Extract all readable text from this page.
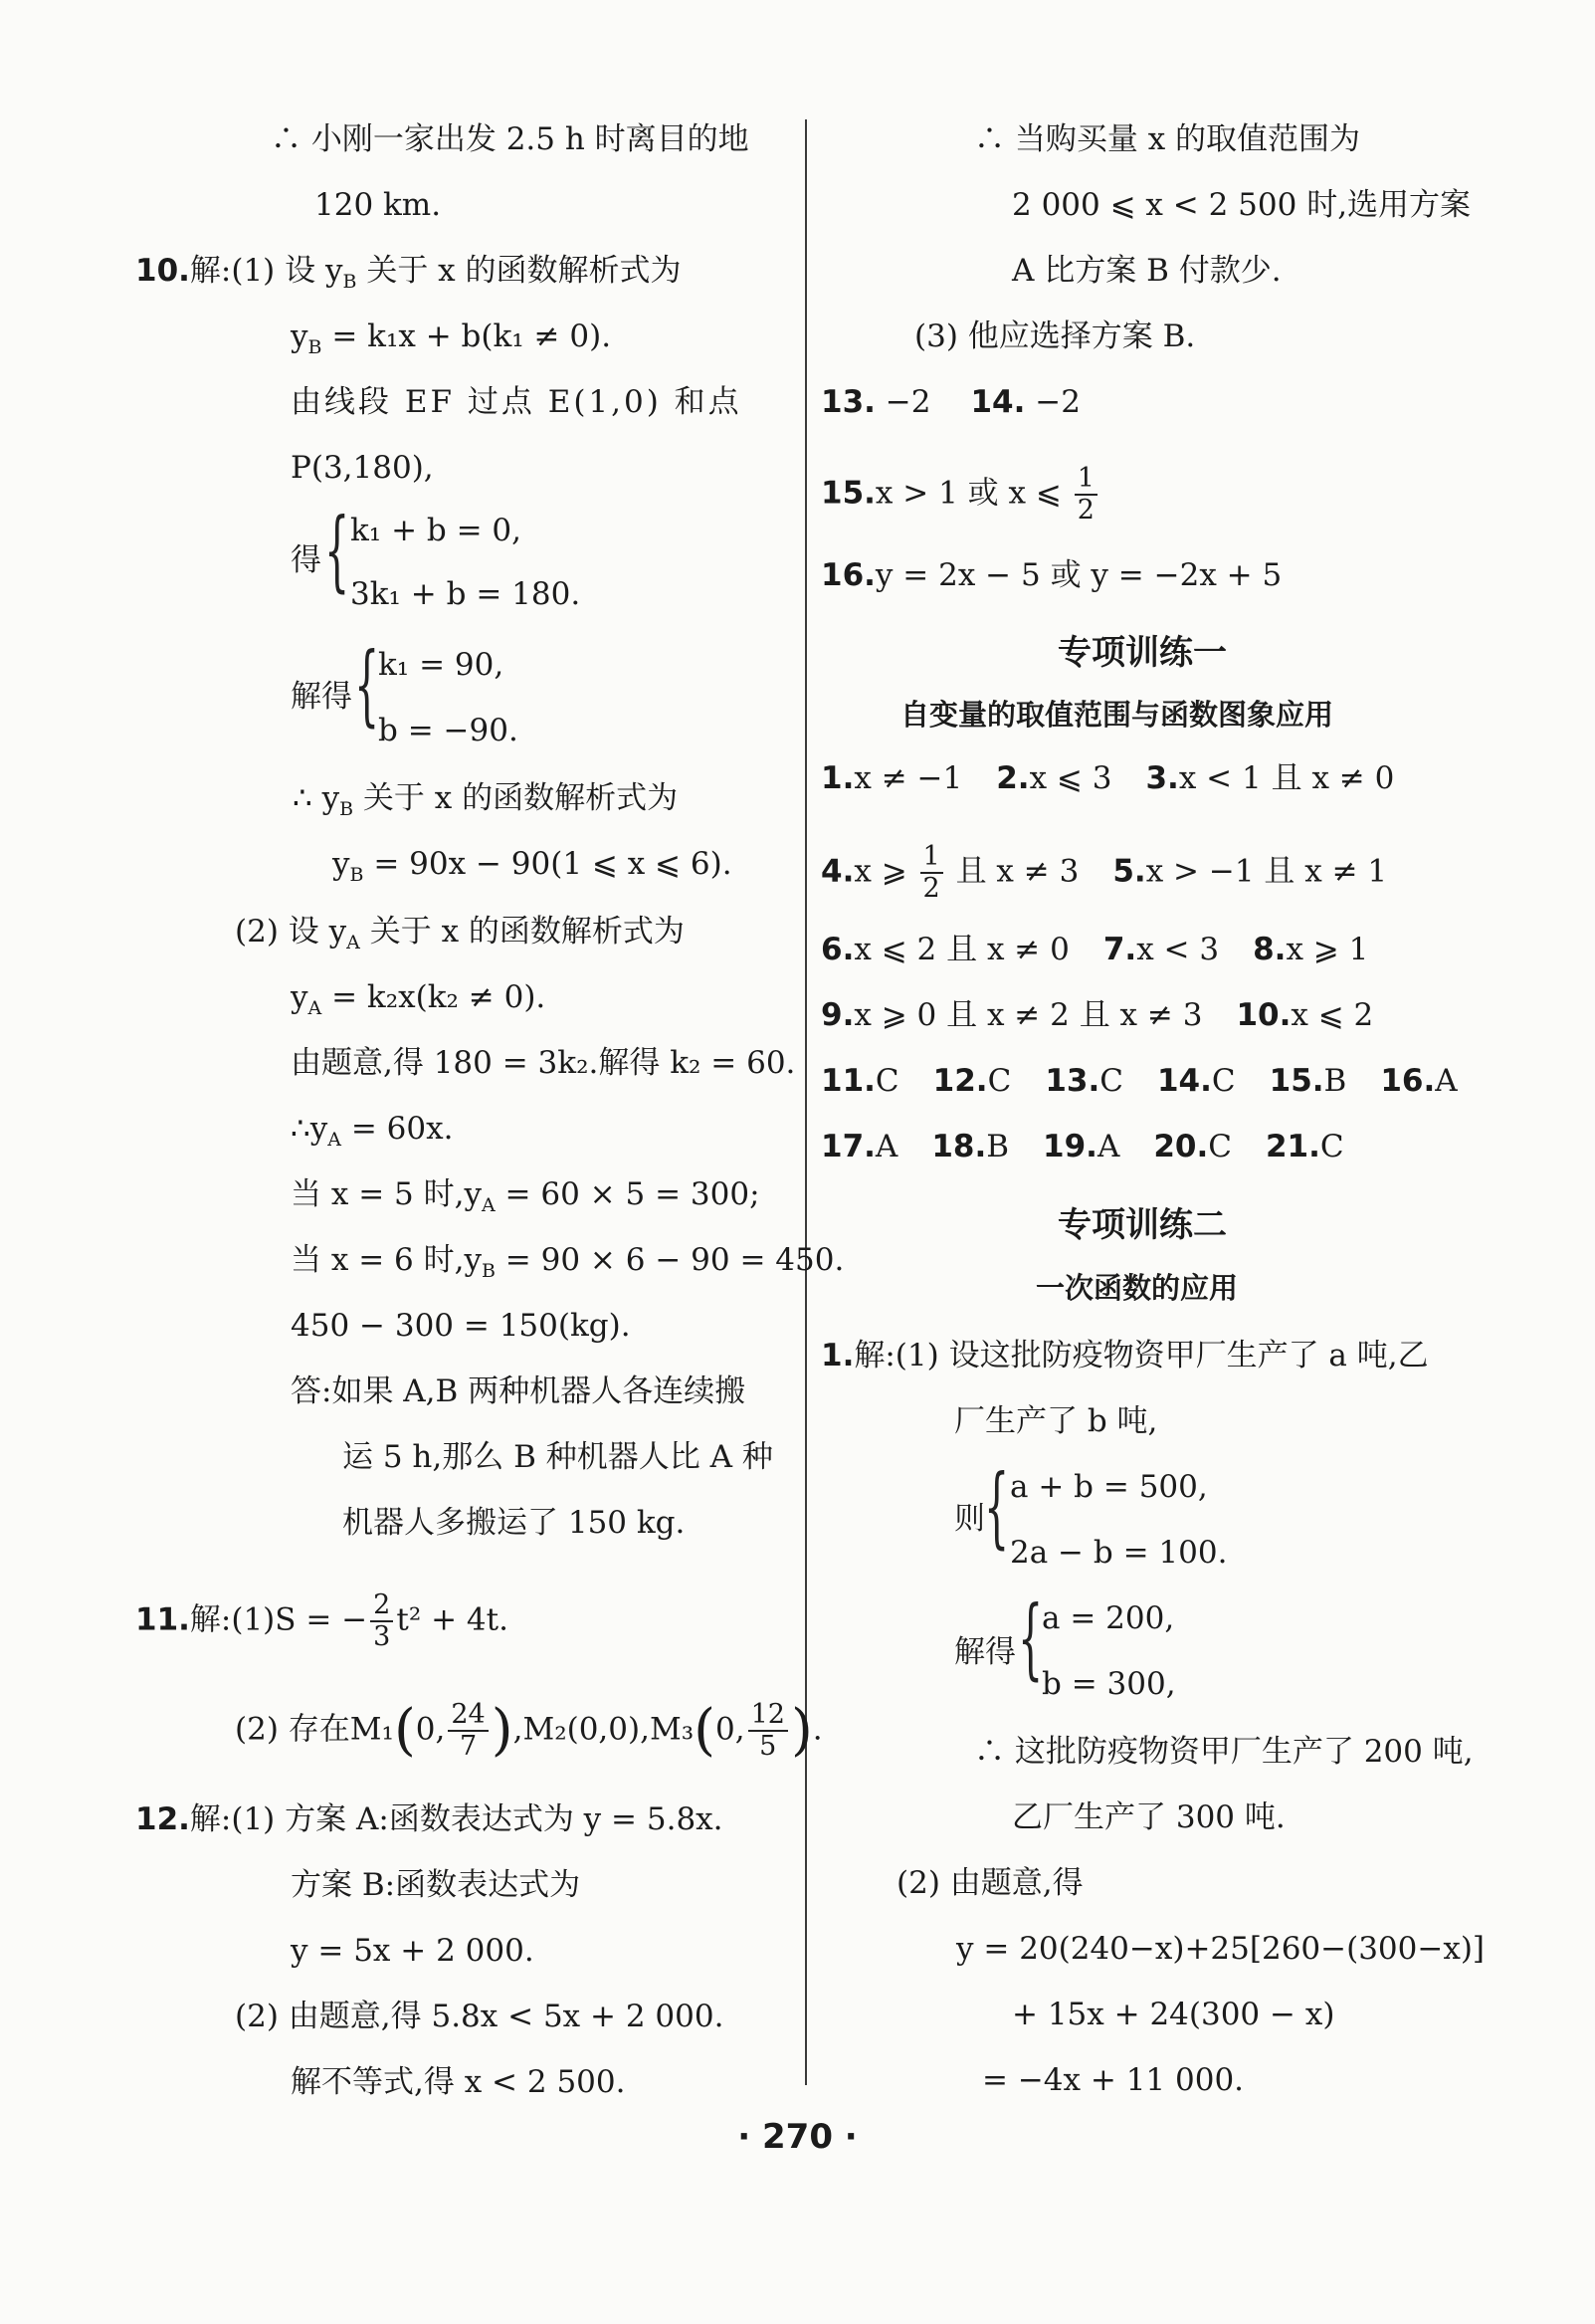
∴ 小刚一家出发 2.5 h 时离目的地
120 km.
10.解:(1) 设 $y_B$ 关于 x 的函数解析式为
$y_B = k_1x + b(k_1 \ne 0)$.
由线段 EF 过点 E(1,0) 和点
P(3,180),
得 { k₁ + b = 0,
3k₁ + b = 180.
解得 {
k₁ = 90,
b = −90.
∴ $y_B$ 关于 x 的函数解析式为
$y_B = 90x - 90(1$ ⩽ x ⩽ 6).
(2) 设 $y_A$ 关于 x 的函数解析式为
$y_A = k_2x(k_2 \ne 0)$.
由题意,得 180 = 3k₂.解得 k₂ = 60.
$\therefore y_A = 60x$.
当 x = 5 时$,y_A = 60 \times 5 = 300$;
当 x = 6 时$,y_B = 90 \times 6 - 90 = 450$.
450 − 300 = 150(kg).
答:如果 A,B 两种机器人各连续搬
运 5 h,那么 B 种机器人比 A 种
机器人多搬运了 150 kg.
11.解:(1)S = − $\frac{2}{3} t^2 + 4t$.
(2) 存在M₁(0, $\frac{24}{7} ),M_2(0,0),M_3(0$, $\frac{12}{5}$ ).
12.解:(1) 方案 A:函数表达式为 y = 5.8x.
方案 B:函数表达式为
y = 5x + 2 000.
(2) 由题意,得 5.8x < 5x + 2 000.
解不等式,得 x < 2 500.
∴ 当购买量 x 的取值范围为
2 000 ⩽ x < 2 500 时,选用方案
A 比方案 B 付款少.
(3) 他应选择方案 B.
13. −2 14. −2
15.x > 1 或 x ⩽ $\frac{1}{2}$
16.y = 2x − 5 或 y = −2x + 5
专项训练一
自变量的取值范围与函数图象应用
1.x ≠ −1 2.x ⩽ 3 3.x < 1 且 x ≠ 0
4.x ⩾ $\frac{1}{2}$ 且 x ≠ 3 5.x > −1 且 x ≠ 1
6.x ⩽ 2 且 x ≠ 0 7.x < 3 8.x ⩾ 1
9.x ⩾ 0 且 x ≠ 2 且 x ≠ 3 10.x ⩽ 2
11.C 12.C 13.C 14.C 15.B 16.A
17.A 18.B 19.A 20.C 21.C
专项训练二
一次函数的应用
1.解:(1) 设这批防疫物资甲厂生产了 a 吨,乙
厂生产了 b 吨,
则 { a + b = 500,
2a − b = 100.
解得 {
a = 200,
b = 300,
∴ 这批防疫物资甲厂生产了 200 吨,
乙厂生产了 300 吨.
(2) 由题意,得
y = 20(240−x)+25[260−(300−x)]
+ 15x + 24(300 − x)
= −4x + 11 000.
· 270 ·
